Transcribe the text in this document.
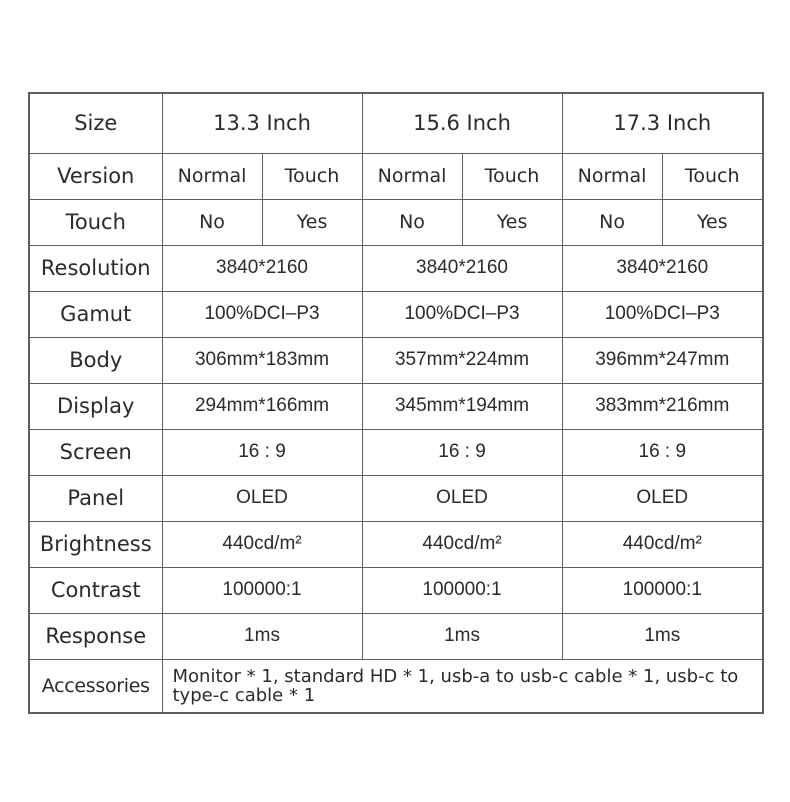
Size	13.3 Inch		15.6 Inch		17.3 Inch	
Version	Normal	Touch	Normal	Touch	Normal	Touch
Touch	No	Yes	No	Yes	No	Yes
Resolution	3840*2160		3840*2160		3840*2160	
Gamut	100%DCI–P3		100%DCI–P3		100%DCI–P3	
Body	306mm*183mm		357mm*224mm		396mm*247mm	
Display	294mm*166mm		345mm*194mm		383mm*216mm	
Screen	16 : 9		16 : 9		16 : 9	
Panel	OLED		OLED		OLED	
Brightness	440cd/m²		440cd/m²		440cd/m²	
Contrast	100000:1		100000:1		100000:1	
Response	1ms		1ms		1ms	
Accessories	Monitor * 1, standard HD * 1, usb-a to usb-c cable * 1, usb-c to type-c cable * 1					
